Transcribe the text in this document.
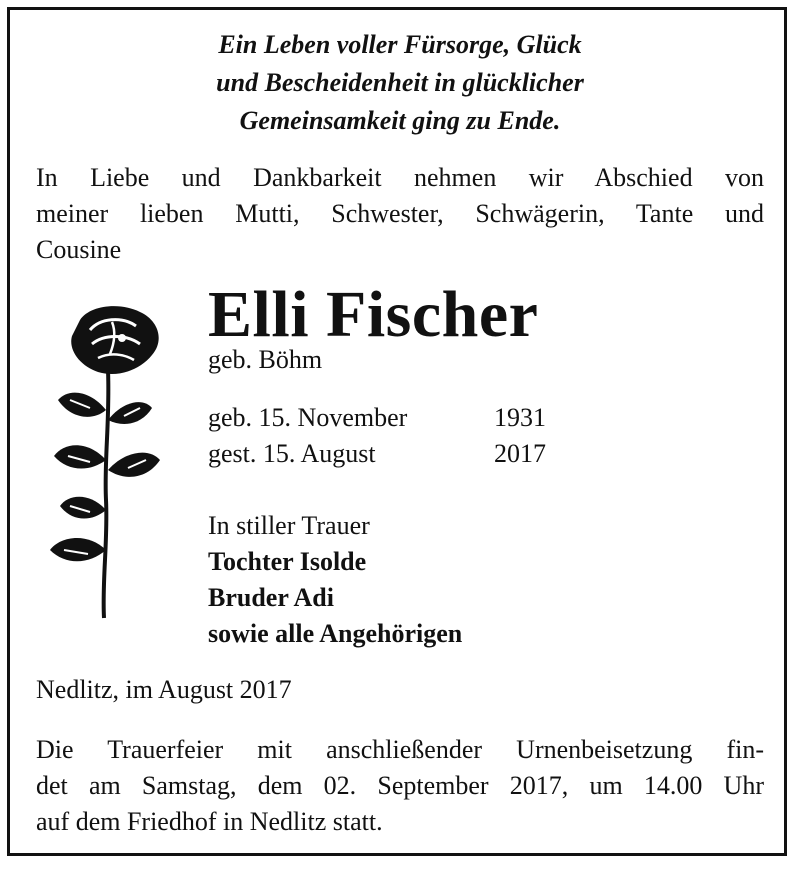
Ein Leben voller Fürsorge, Glück
und Bescheidenheit in glücklicher
Gemeinsamkeit ging zu Ende.
In Liebe und Dankbarkeit nehmen wir Abschied von
meiner lieben Mutti, Schwester, Schwägerin, Tante und
Cousine
Elli Fischer
geb. Böhm
geb. 15. November	1931
gest. 15. August	2017
In stiller Trauer
Tochter Isolde
Bruder Adi
sowie alle Angehörigen
Nedlitz, im August 2017
Die Trauerfeier mit anschließender Urnenbeisetzung fin-
det am Samstag, dem 02. September 2017, um 14.00 Uhr
auf dem Friedhof in Nedlitz statt.
